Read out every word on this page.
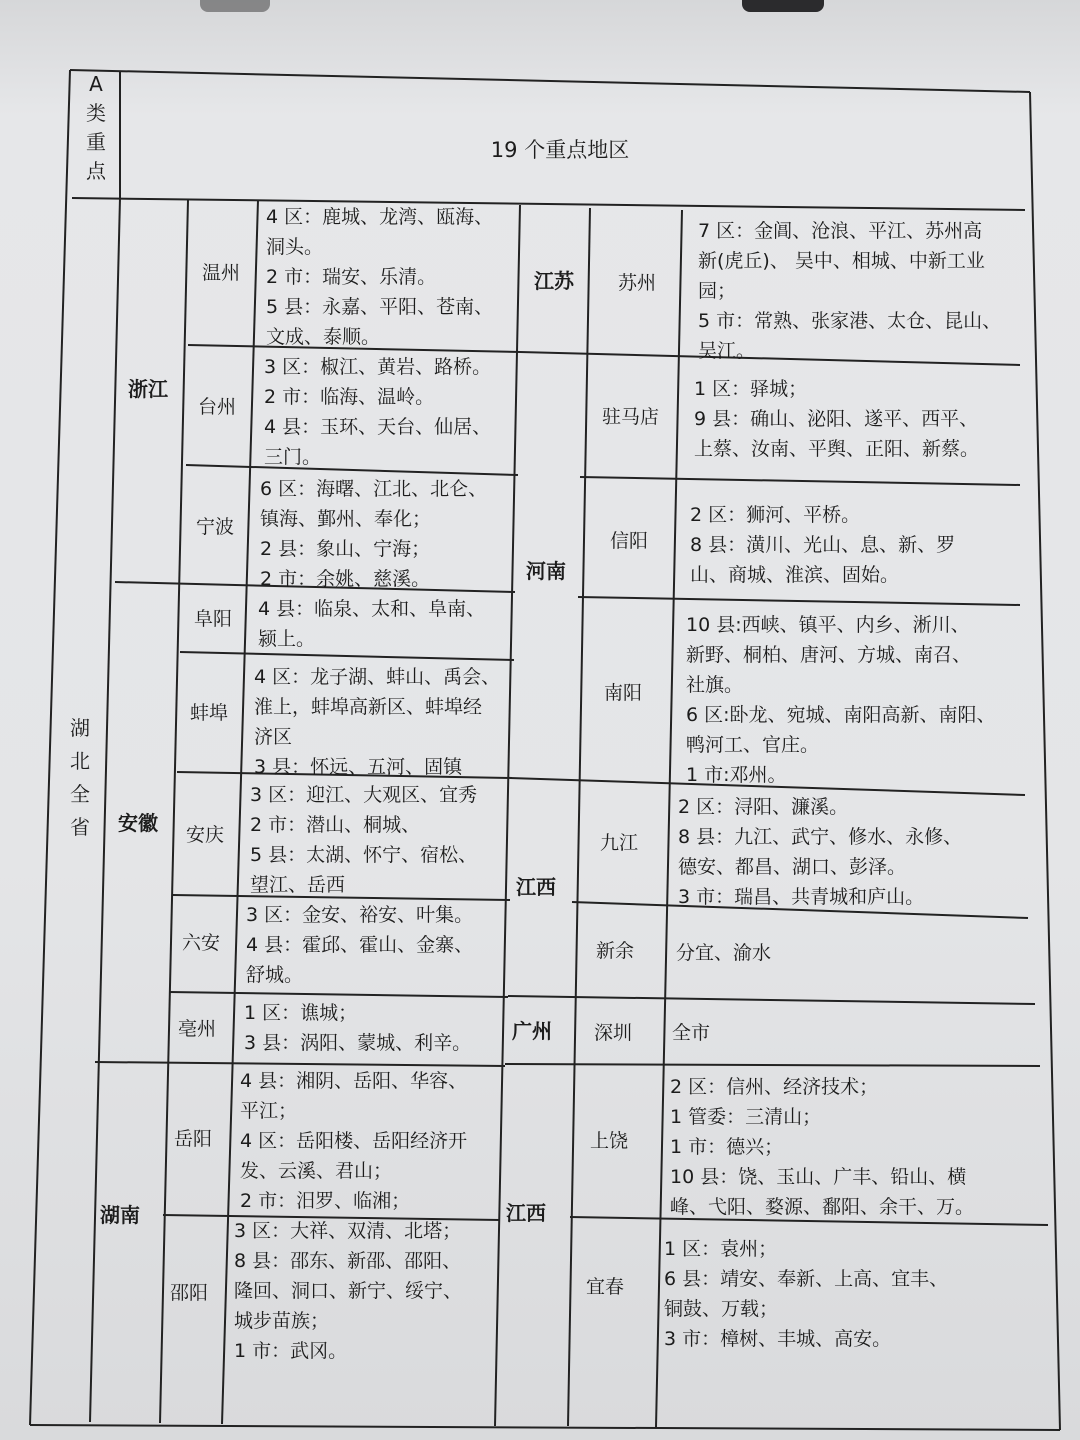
A 类 重 点
19 个重点地区
湖 北 全 省
浙江
安徽
湖南
温州
4 区：鹿城、龙湾、瓯海、
洞头。
2 市：瑞安、乐清。
5 县：永嘉、平阳、苍南、
文成、泰顺。
台州
3 区：椒江、黄岩、路桥。
2 市：临海、温岭。
4 县：玉环、天台、仙居、
三门。
宁波
6 区：海曙、江北、北仑、
镇海、鄞州、奉化；
2 县：象山、宁海；
2 市：余姚、慈溪。
阜阳 4 县：临泉、太和、阜南、
颍上。
蚌埠
4 区：龙子湖、蚌山、禹会、
淮上，蚌埠高新区、蚌埠经
济区
3 县：怀远、五河、固镇
安庆
3 区：迎江、大观区、宜秀
2 市：潜山、桐城、
5 县：太湖、怀宁、宿松、
望江、岳西
六安
3 区：金安、裕安、叶集。
4 县：霍邱、霍山、金寨、
舒城。
亳州
1 区：谯城；
3 县：涡阳、蒙城、利辛。
岳阳
4 县：湘阴、岳阳、华容、
平江；
4 区：岳阳楼、岳阳经济开
发、云溪、君山；
2 市：汨罗、临湘；
邵阳
3 区：大祥、双清、北塔；
8 县：邵东、新邵、邵阳、
隆回、洞口、新宁、绥宁、
城步苗族；
1 市：武冈。
江苏
河南
江西
广州
江西
苏州
7 区：金阊、沧浪、平江、苏州高
新(虎丘)、 吴中、相城、中新工业
园；
5 市：常熟、张家港、太仓、昆山、
吴江。
驻马店
1 区：驿城；
9 县：确山、泌阳、遂平、西平、
上蔡、汝南、平舆、正阳、新蔡。
信阳
2 区：狮河、平桥。
8 县：潢川、光山、息、新、罗
山、商城、淮滨、固始。
南阳
10 县:西峡、镇平、内乡、淅川、
新野、桐柏、唐河、方城、南召、
社旗。
6 区:卧龙、宛城、南阳高新、南阳、
鸭河工、官庄。
1 市:邓州。
九江
2 区：浔阳、濂溪。
8 县：九江、武宁、修水、永修、
德安、都昌、湖口、彭泽。
3 市：瑞昌、共青城和庐山。
新余 分宜、渝水
深圳 全市
上饶
2 区：信州、经济技术；
1 管委：三清山；
1 市：德兴；
10 县：饶、玉山、广丰、铅山、横
峰、弋阳、婺源、鄱阳、余干、万。
宜春
1 区：袁州；
6 县：靖安、奉新、上高、宜丰、
铜鼓、万载；
3 市：樟树、丰城、高安。
